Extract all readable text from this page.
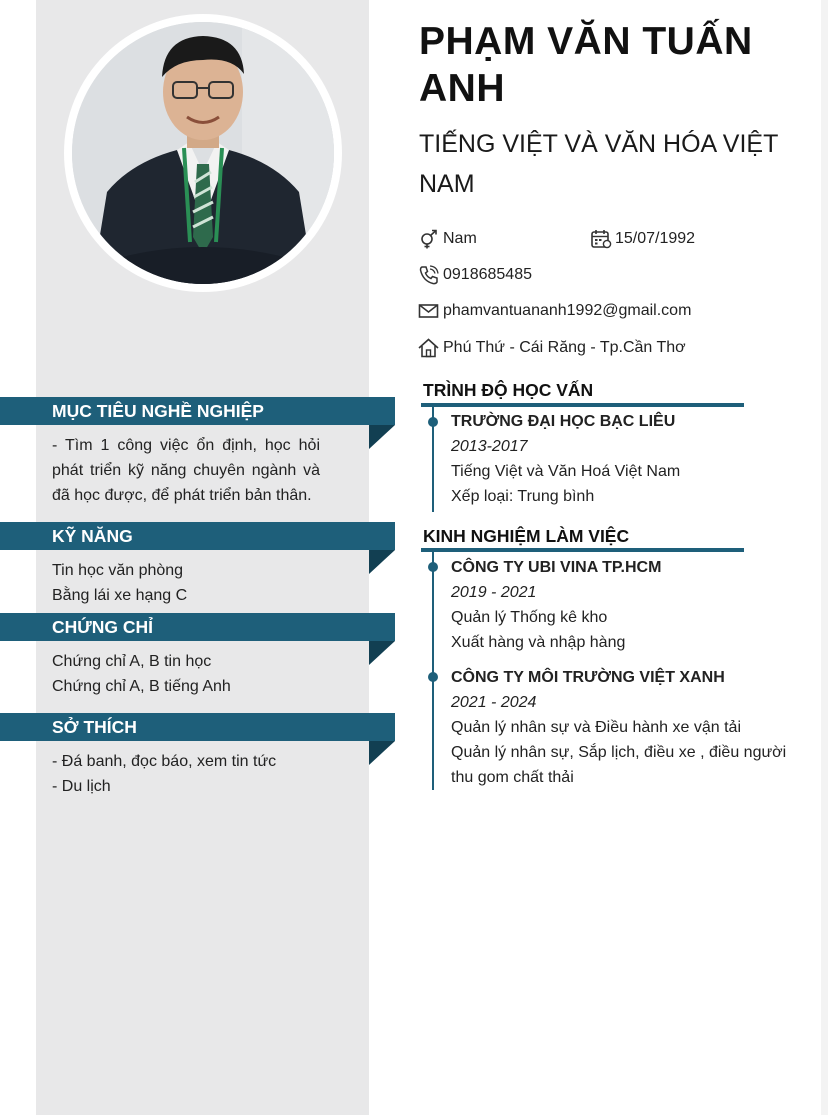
MỤC TIÊU NGHỀ NGHIỆP
- Tìm 1 công việc ổn định, học hỏi phát triển kỹ năng chuyên ngành và đã học được, để phát triển bản thân.
KỸ NĂNG
Tin học văn phòng
Bằng lái xe hạng C
CHỨNG CHỈ
Chứng chỉ A, B tin học
Chứng chỉ A, B tiếng Anh
SỞ THÍCH
- Đá banh, đọc báo, xem tin tức
- Du lịch
PHẠM VĂN TUẤN ANH
TIẾNG VIỆT VÀ VĂN HÓA VIỆT NAM
Nam	15/07/1992
0918685485
phamvantuananh1992@gmail.com
Phú Thứ - Cái Răng - Tp.Cần Thơ
TRÌNH ĐỘ HỌC VẤN
TRƯỜNG ĐẠI HỌC BẠC LIÊU
2013-2017
Tiếng Việt và Văn Hoá Việt Nam
Xếp loại: Trung bình
KINH NGHIỆM LÀM VIỆC
CÔNG TY UBI VINA TP.HCM
2019 - 2021
Quản lý Thống kê kho
Xuất hàng và nhập hàng
CÔNG TY MÔI TRƯỜNG VIỆT XANH
2021 - 2024
Quản lý nhân sự và Điều hành xe vận tải
Quản lý nhân sự, Sắp lịch, điều xe , điều người
thu gom chất thải
